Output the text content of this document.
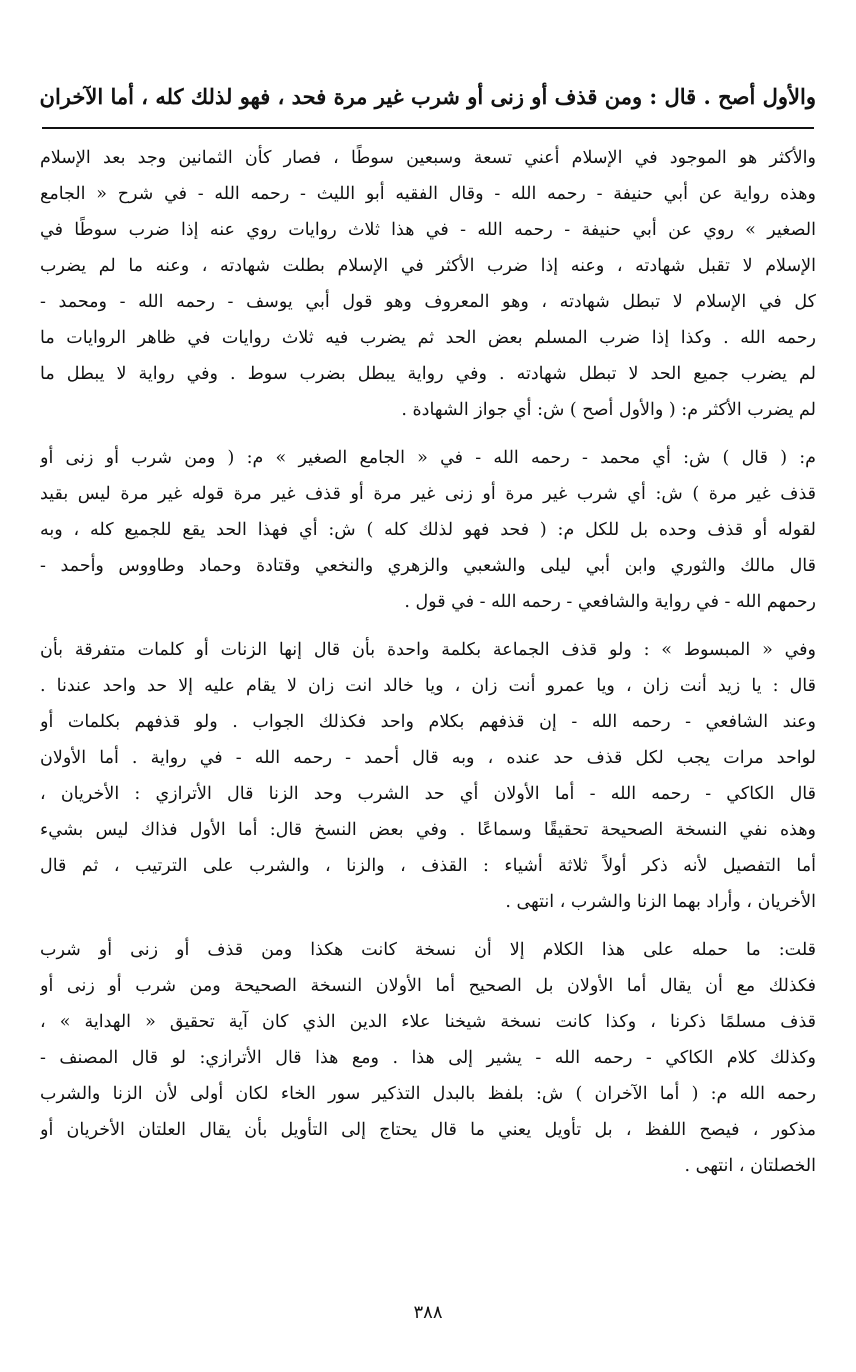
والأول أصح . قال : ومن قذف أو زنى أو شرب غير مرة فحد ، فهو لذلك كله ، أما الآخران
والأكثر هو الموجود في الإسلام أعني تسعة وسبعين سوطًا ، فصار كأن الثمانين وجد بعد الإسلام
وهذه رواية عن أبي حنيفة - رحمه الله - وقال الفقيه أبو الليث - رحمه الله - في شرح « الجامع
الصغير » روي عن أبي حنيفة - رحمه الله - في هذا ثلاث روايات روي عنه إذا ضرب سوطًا في
الإسلام لا تقبل شهادته ، وعنه إذا ضرب الأكثر في الإسلام بطلت شهادته ، وعنه ما لم يضرب
كل في الإسلام لا تبطل شهادته ، وهو المعروف وهو قول أبي يوسف - رحمه الله - ومحمد -
رحمه الله . وكذا إذا ضرب المسلم بعض الحد ثم يضرب فيه ثلاث روايات في ظاهر الروايات ما
لم يضرب جميع الحد لا تبطل شهادته . وفي رواية يبطل بضرب سوط . وفي رواية لا يبطل ما
لم يضرب الأكثر م: ( والأول أصح ) ش: أي جواز الشهادة .
م: ( قال ) ش: أي محمد - رحمه الله - في « الجامع الصغير » م: ( ومن شرب أو زنى أو
قذف غير مرة ) ش: أي شرب غير مرة أو زنى غير مرة أو قذف غير مرة قوله غير مرة ليس بقيد
لقوله أو قذف وحده بل للكل م: ( فحد فهو لذلك كله ) ش: أي فهذا الحد يقع للجميع كله ، وبه
قال مالك والثوري وابن أبي ليلى والشعبي والزهري والنخعي وقتادة وحماد وطاووس وأحمد -
رحمهم الله - في رواية والشافعي - رحمه الله - في قول .
وفي « المبسوط » : ولو قذف الجماعة بكلمة واحدة بأن قال إنها الزنات أو كلمات متفرقة بأن
قال : يا زيد أنت زان ، ويا عمرو أنت زان ، ويا خالد انت زان لا يقام عليه إلا حد واحد عندنا .
وعند الشافعي - رحمه الله - إن قذفهم بكلام واحد فكذلك الجواب . ولو قذفهم بكلمات أو
لواحد مرات يجب لكل قذف حد عنده ، وبه قال أحمد - رحمه الله - في رواية . أما الأولان
قال الكاكي - رحمه الله - أما الأولان أي حد الشرب وحد الزنا قال الأترازي : الأخريان ،
وهذه نفي النسخة الصحيحة تحقيقًا وسماعًا . وفي بعض النسخ قال: أما الأول فذاك ليس بشيء
أما التفصيل لأنه ذكر أولاً ثلاثة أشياء : القذف ، والزنا ، والشرب على الترتيب ، ثم قال
الأخريان ، وأراد بهما الزنا والشرب ، انتهى .
قلت: ما حمله على هذا الكلام إلا أن نسخة كانت هكذا ومن قذف أو زنى أو شرب
فكذلك مع أن يقال أما الأولان بل الصحيح أما الأولان النسخة الصحيحة ومن شرب أو زنى أو
قذف مسلمًا ذكرنا ، وكذا كانت نسخة شيخنا علاء الدين الذي كان آية تحقيق « الهداية » ،
وكذلك كلام الكاكي - رحمه الله - يشير إلى هذا . ومع هذا قال الأترازي: لو قال المصنف -
رحمه الله م: ( أما الآخران ) ش: بلفظ بالبدل التذكير سور الخاء لكان أولى لأن الزنا والشرب
مذكور ، فيصح اللفظ ، بل تأويل يعني ما قال يحتاج إلى التأويل بأن يقال العلتان الأخريان أو
الخصلتان ، انتهى .
٣٨٨
